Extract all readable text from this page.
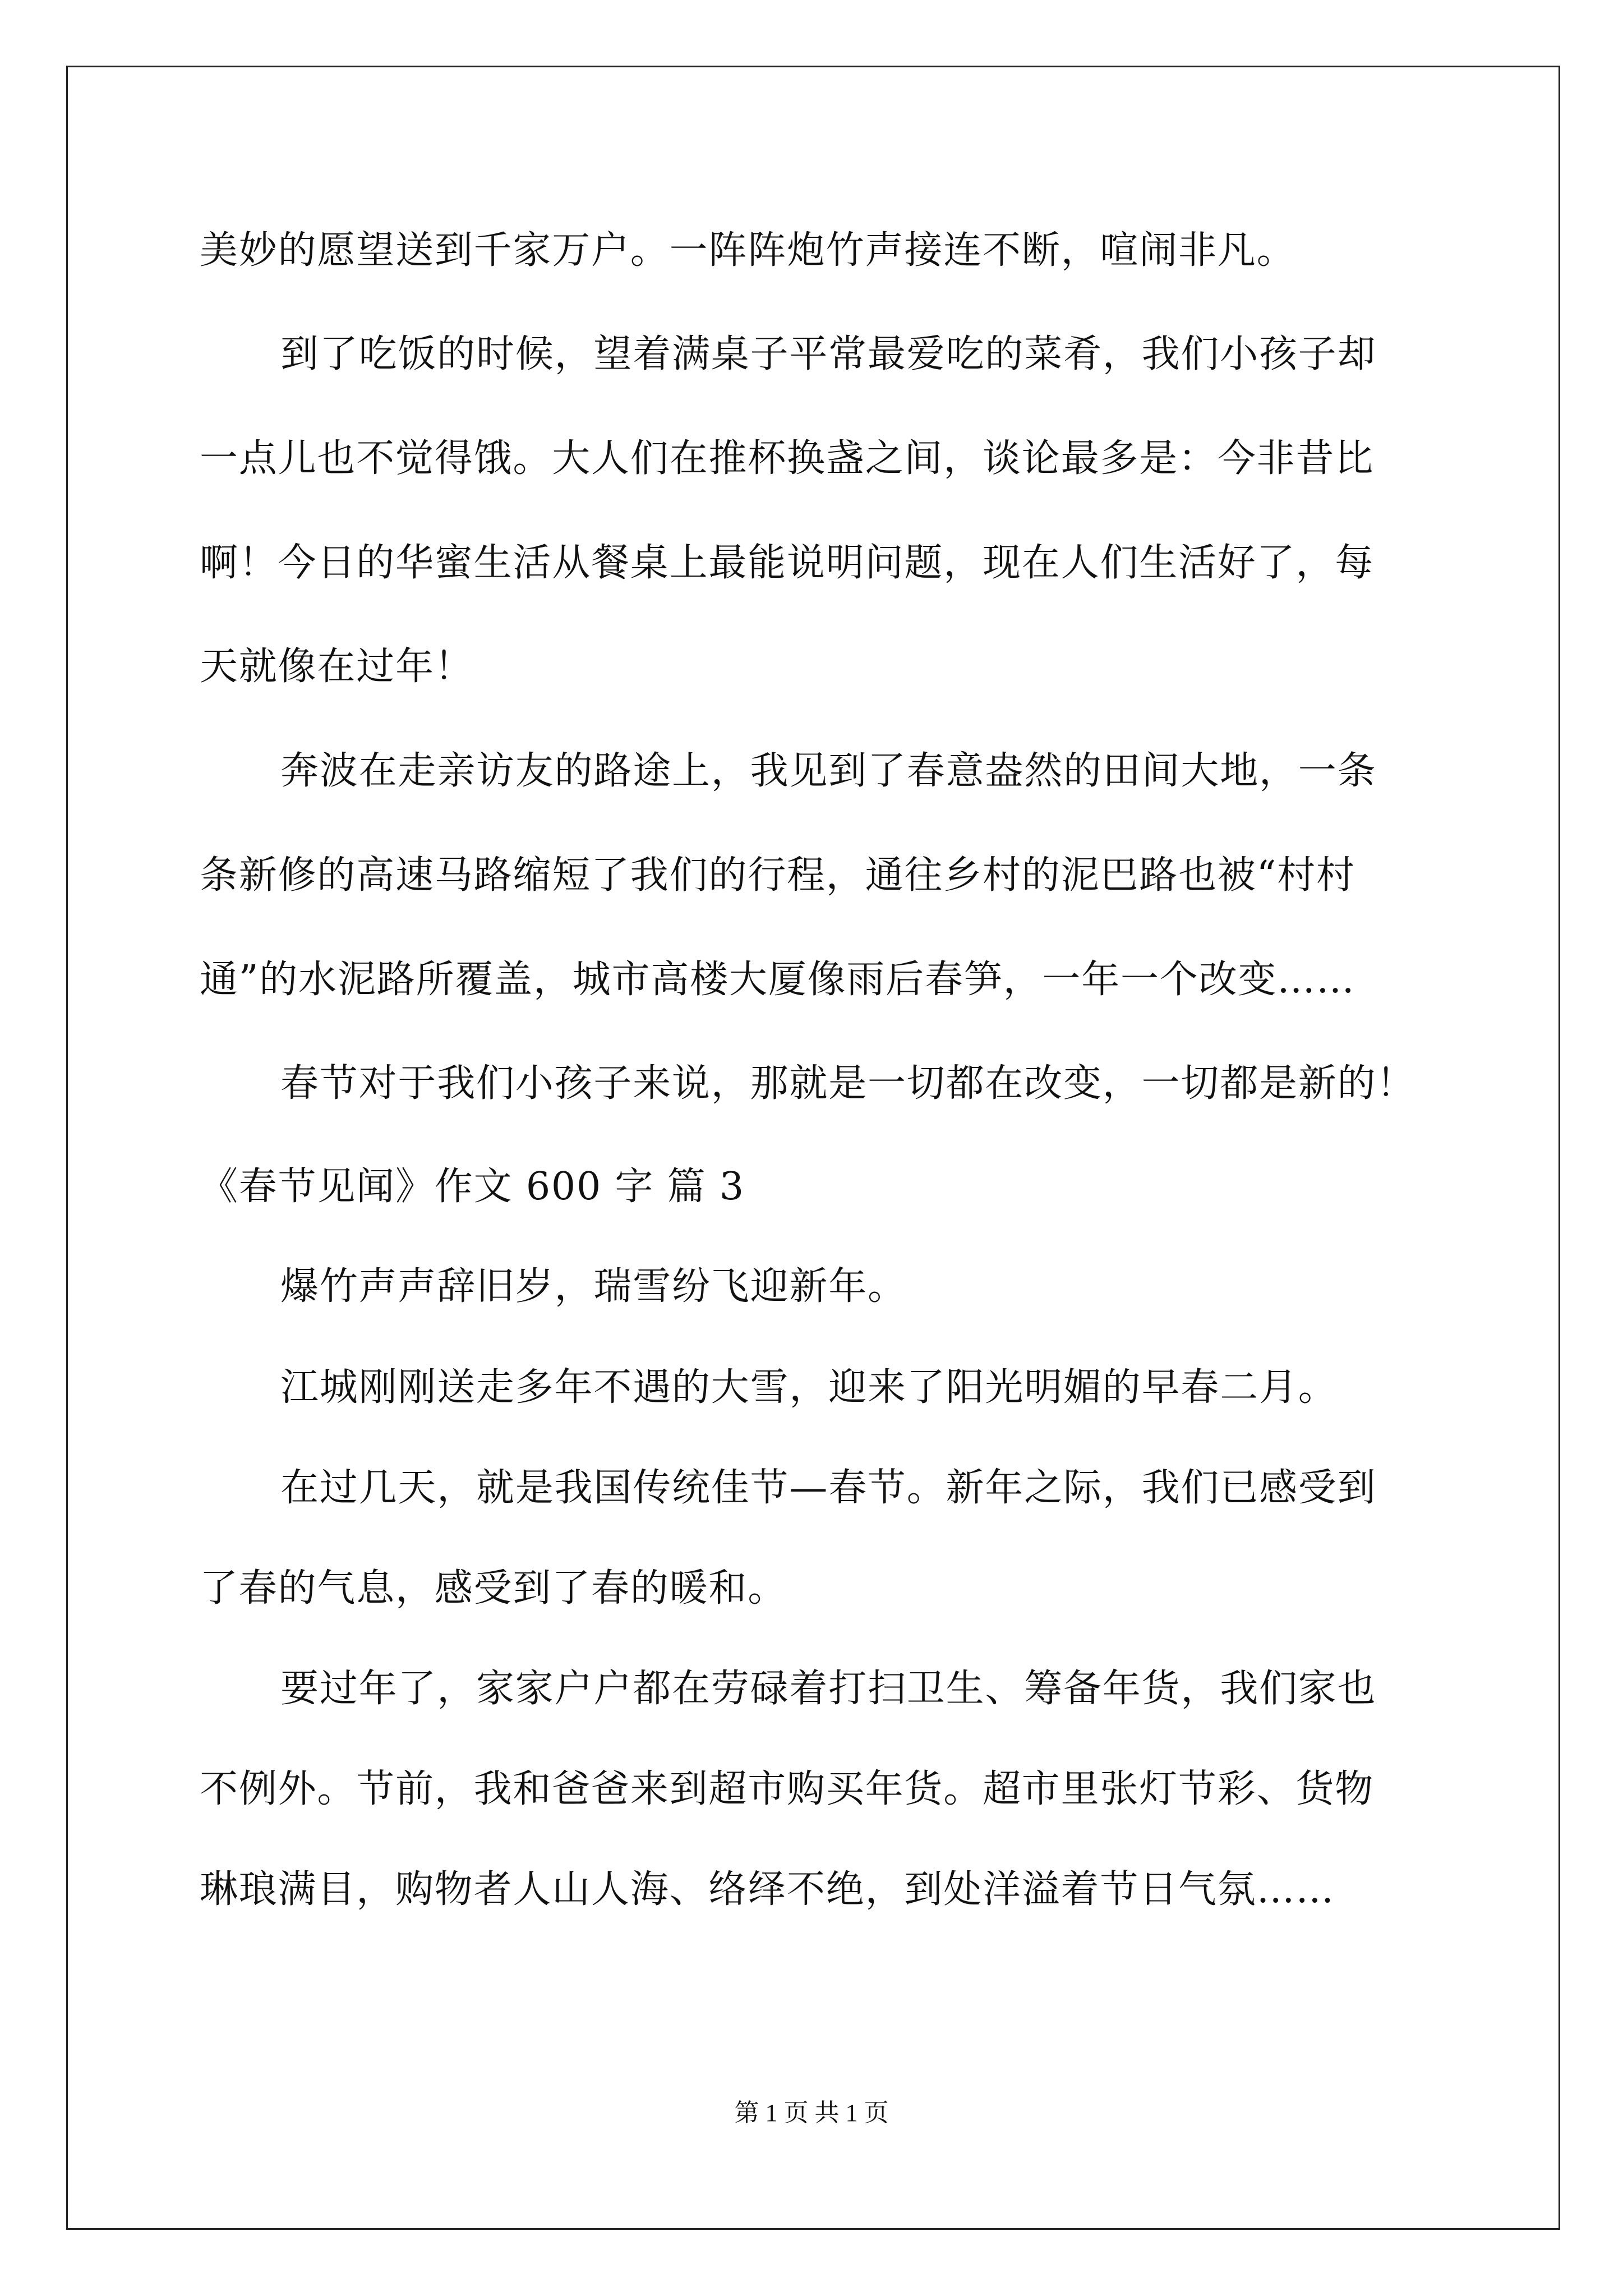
美妙的愿望送到千家万户。一阵阵炮竹声接连不断，喧闹非凡。
到了吃饭的时候，望着满桌子平常最爱吃的菜肴，我们小孩子却
一点儿也不觉得饿。大人们在推杯换盏之间，谈论最多是：今非昔比
啊！今日的华蜜生活从餐桌上最能说明问题，现在人们生活好了，每
天就像在过年！
奔波在走亲访友的路途上，我见到了春意盎然的田间大地，一条
条新修的高速马路缩短了我们的行程，通往乡村的泥巴路也被“村村
通”的水泥路所覆盖，城市高楼大厦像雨后春笋，一年一个改变……
春节对于我们小孩子来说，那就是一切都在改变，一切都是新的！
《春节见闻》作文 600 字 篇 3
爆竹声声辞旧岁，瑞雪纷飞迎新年。
江城刚刚送走多年不遇的大雪，迎来了阳光明媚的早春二月。
在过几天，就是我国传统佳节—春节。新年之际，我们已感受到
了春的气息，感受到了春的暖和。
要过年了，家家户户都在劳碌着打扫卫生、筹备年货，我们家也
不例外。节前，我和爸爸来到超市购买年货。超市里张灯节彩、货物
琳琅满目，购物者人山人海、络绎不绝，到处洋溢着节日气氛……
第 1 页 共 1 页
